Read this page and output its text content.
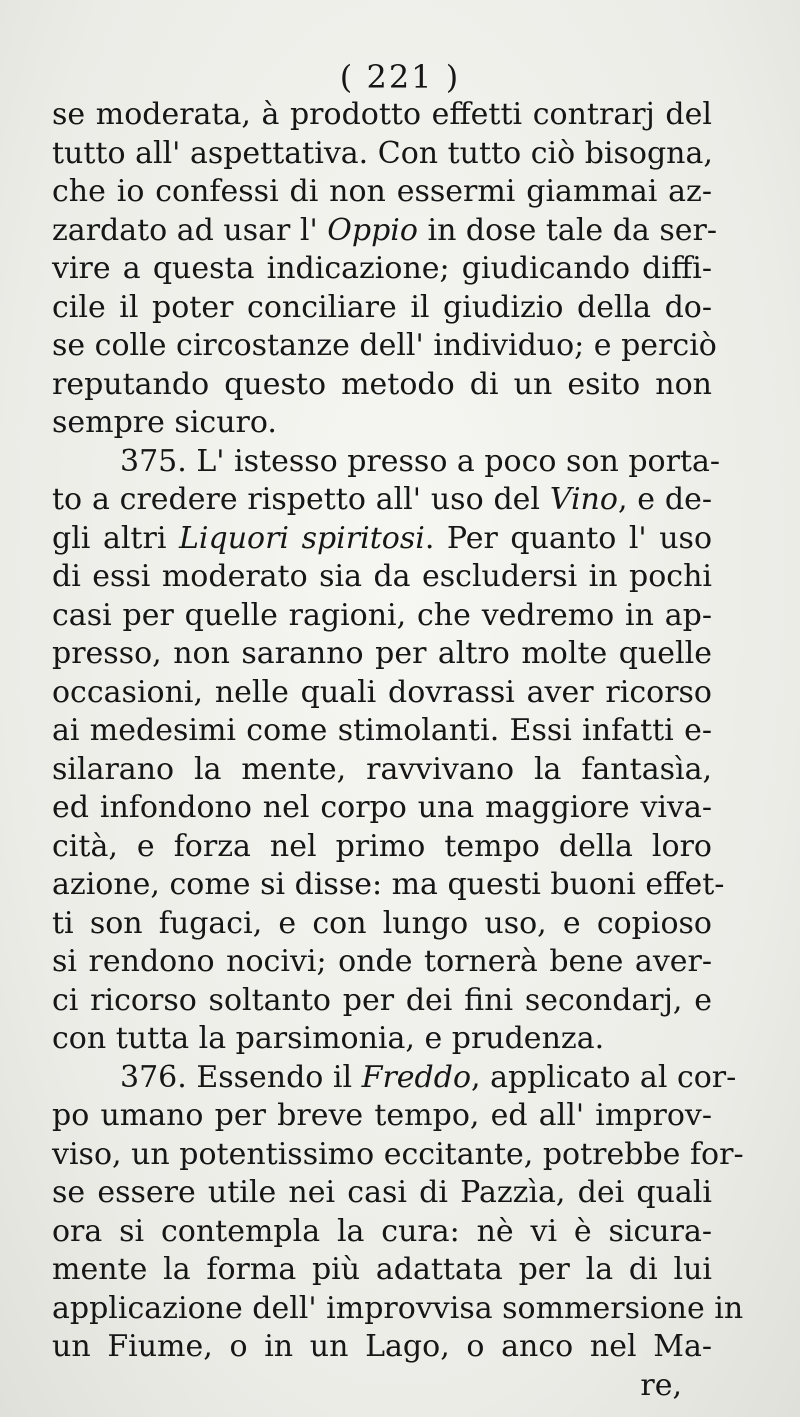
( 221 )
se moderata, à prodotto effetti contrarj del
tutto all' aspettativa. Con tutto ciò bisogna,
che io confessi di non essermi giammai az-
zardato ad usar l' Oppio in dose tale da ser-
vire a questa indicazione; giudicando diffi-
cile il poter conciliare il giudizio della do-
se colle circostanze dell' individuo; e perciò
reputando questo metodo di un esito non
sempre sicuro.
375. L' istesso presso a poco son porta-
to a credere rispetto all' uso del Vino, e de-
gli altri Liquori spiritosi. Per quanto l' uso
di essi moderato sia da escludersi in pochi
casi per quelle ragioni, che vedremo in ap-
presso, non saranno per altro molte quelle
occasioni, nelle quali dovrassi aver ricorso
ai medesimi come stimolanti. Essi infatti e-
silarano la mente, ravvivano la fantasìa,
ed infondono nel corpo una maggiore viva-
cità, e forza nel primo tempo della loro
azione, come si disse: ma questi buoni effet-
ti son fugaci, e con lungo uso, e copioso
si rendono nocivi; onde tornerà bene aver-
ci ricorso soltanto per dei fini secondarj, e
con tutta la parsimonia, e prudenza.
376. Essendo il Freddo, applicato al cor-
po umano per breve tempo, ed all' improv-
viso, un potentissimo eccitante, potrebbe for-
se essere utile nei casi di Pazzìa, dei quali
ora si contempla la cura: nè vi è sicura-
mente la forma più adattata per la di lui
applicazione dell' improvvisa sommersione in
un Fiume, o in un Lago, o anco nel Ma-
re,
